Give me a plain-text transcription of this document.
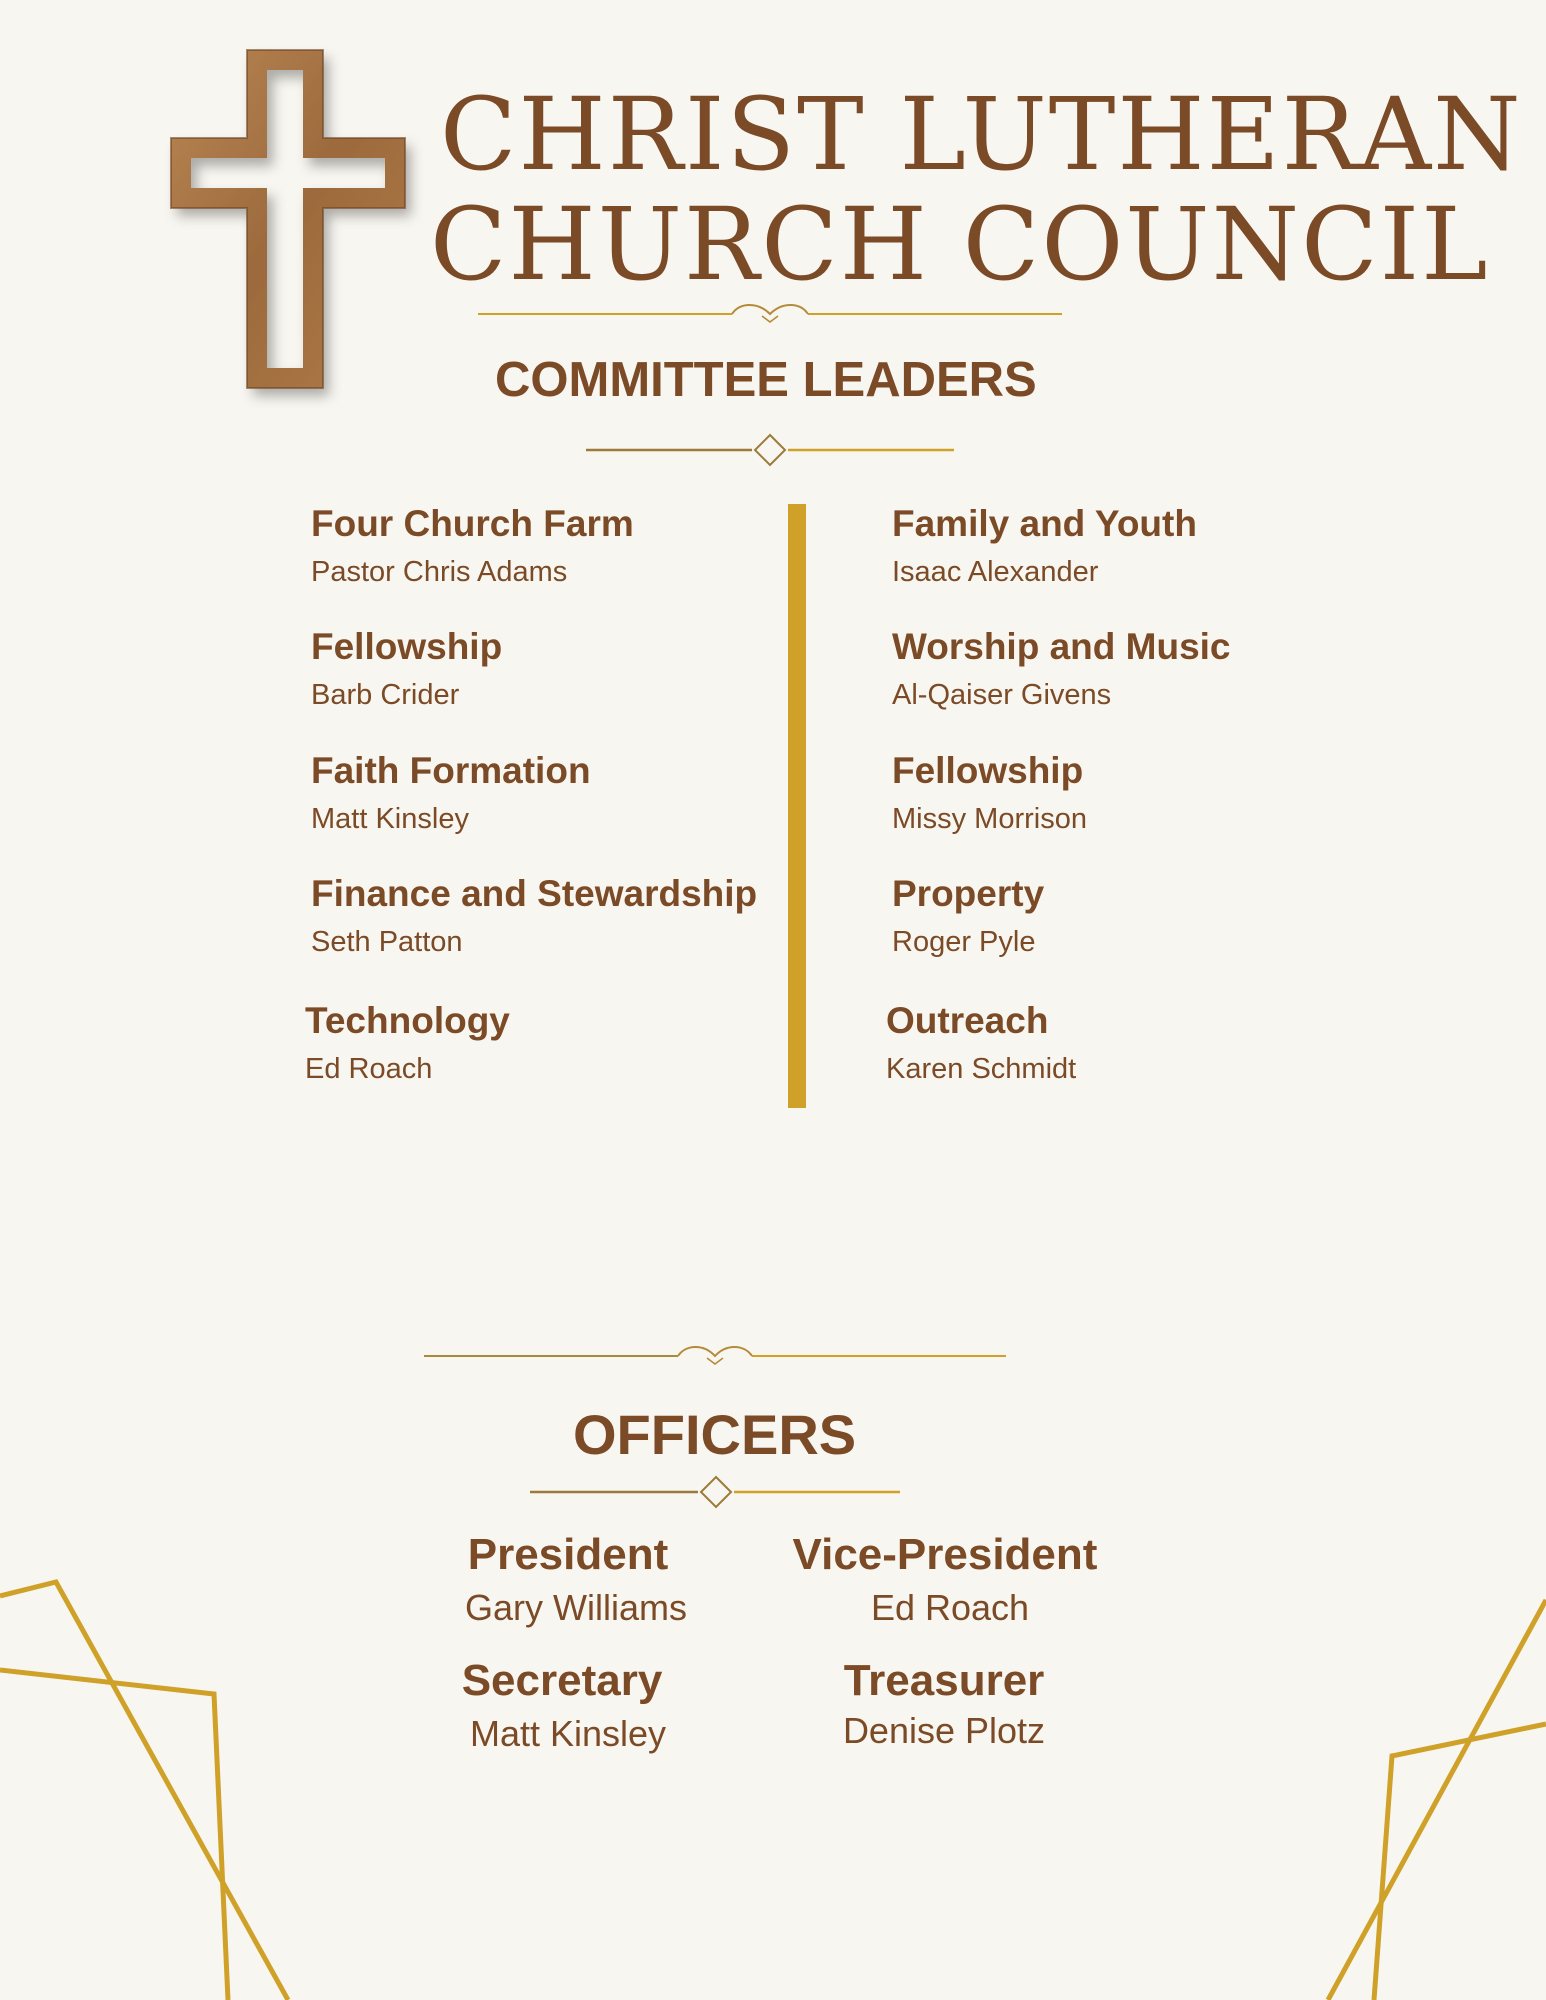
CHRIST LUTHERAN
CHURCH COUNCIL
COMMITTEE LEADERS
Four Church Farm
Pastor Chris Adams
Fellowship
Barb Crider
Faith Formation
Matt Kinsley
Finance and Stewardship
Seth Patton
Technology
Ed Roach
Family and Youth
Isaac Alexander
Worship and Music
Al-Qaiser Givens
Fellowship
Missy Morrison
Property
Roger Pyle
Outreach
Karen Schmidt
OFFICERS
President
Gary Williams
Vice-President
Ed Roach
Secretary
Matt Kinsley
Treasurer
Denise Plotz
